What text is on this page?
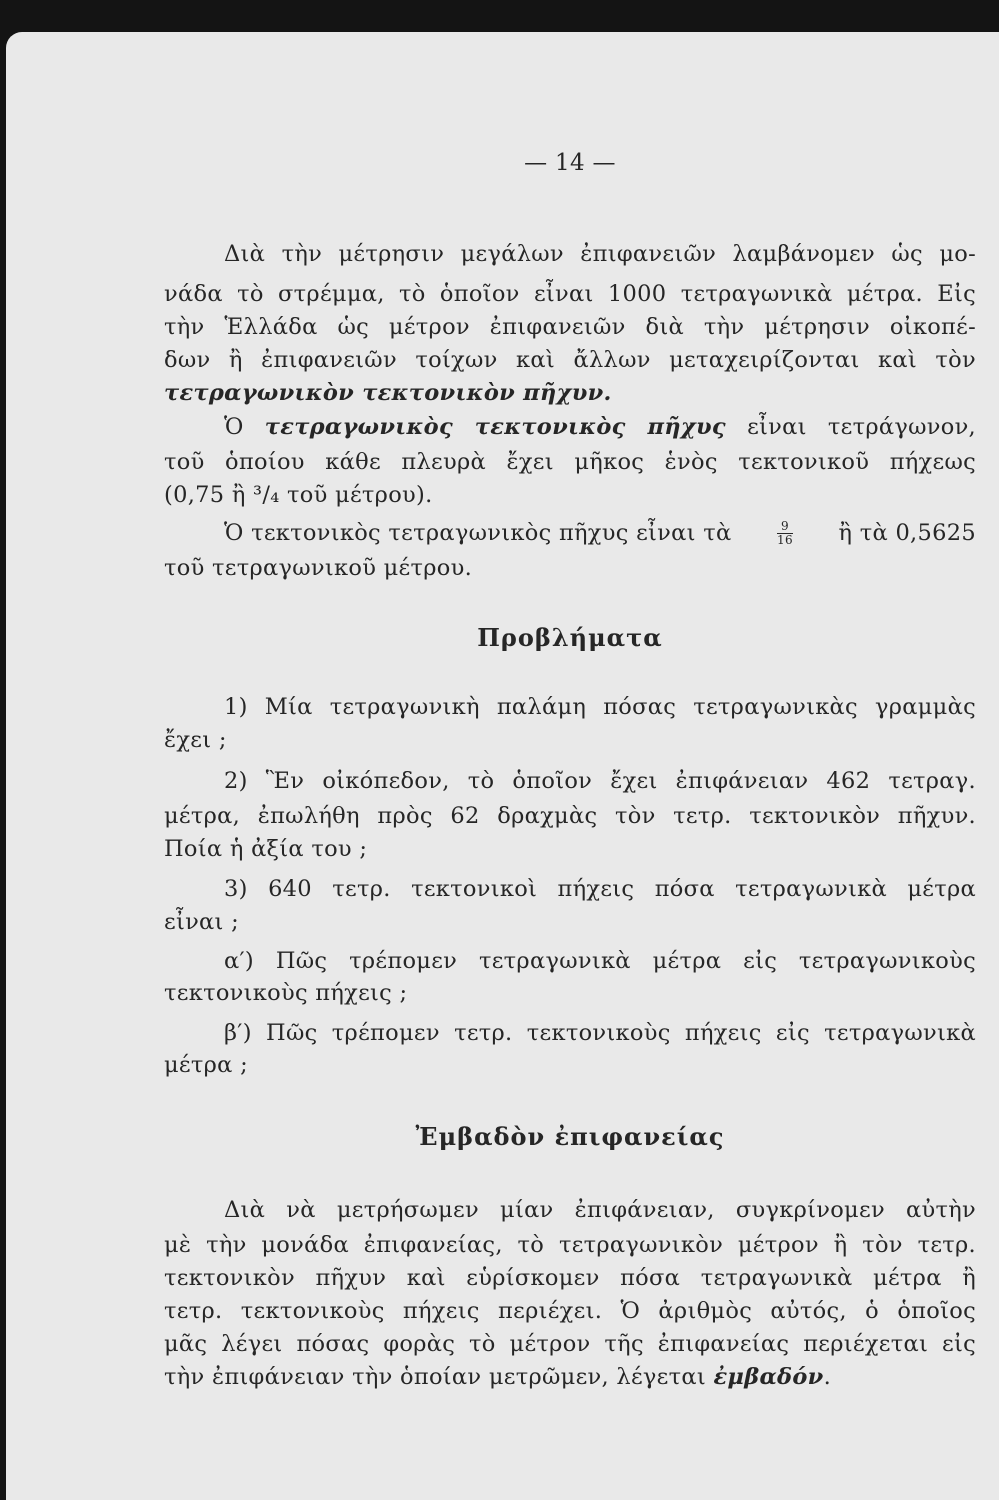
— 14 —
Διὰ τὴν μέτρησιν μεγάλων ἐπιφανειῶν λαμβάνομεν ὡς μο-
νάδα τὸ στρέμμα, τὸ ὁποῖον εἶναι 1000 τετραγωνικὰ μέτρα. Εἰς
τὴν Ἑλλάδα ὡς μέτρον ἐπιφανειῶν διὰ τὴν μέτρησιν οἰκοπέ-
δων ἢ ἐπιφανειῶν τοίχων καὶ ἄλλων μεταχειρίζονται καὶ τὸν
τετραγωνικὸν τεκτονικὸν πῆχυν.
Ὁ τετραγωνικὸς τεκτονικὸς πῆχυς εἶναι τετράγωνον,
τοῦ ὁποίου κάθε πλευρὰ ἔχει μῆκος ἑνὸς τεκτονικοῦ πήχεως
(0,75 ἢ ³/₄ τοῦ μέτρου).
Ὁ τεκτονικὸς τετραγωνικὸς πῆχυς εἶναι τὰ	$\frac{9}{16}$ ἢ τὰ 0,5625
τοῦ τετραγωνικοῦ μέτρου.
Προβλήματα
1) Μία τετραγωνικὴ παλάμη πόσας τετραγωνικὰς γραμμὰς
ἔχει ;
2) Ἓν οἰκόπεδον, τὸ ὁποῖον ἔχει ἐπιφάνειαν 462 τετραγ.
μέτρα, ἐπωλήθη πρὸς 62 δραχμὰς τὸν τετρ. τεκτονικὸν πῆχυν.
Ποία ἡ ἀξία του ;
3) 640 τετρ. τεκτονικοὶ πήχεις πόσα τετραγωνικὰ μέτρα
εἶναι ;
α′) Πῶς τρέπομεν τετραγωνικὰ μέτρα εἰς τετραγωνικοὺς
τεκτονικοὺς πήχεις ;
β′) Πῶς τρέπομεν τετρ. τεκτονικοὺς πήχεις εἰς τετραγωνικὰ
μέτρα ;
Ἐμβαδὸν ἐπιφανείας
Διὰ νὰ μετρήσωμεν μίαν ἐπιφάνειαν, συγκρίνομεν αὐτὴν
μὲ τὴν μονάδα ἐπιφανείας, τὸ τετραγωνικὸν μέτρον ἢ τὸν τετρ.
τεκτονικὸν πῆχυν καὶ εὑρίσκομεν πόσα τετραγωνικὰ μέτρα ἢ
τετρ. τεκτονικοὺς πήχεις περιέχει. Ὁ ἀριθμὸς αὐτός, ὁ ὁποῖος
μᾶς λέγει πόσας φορὰς τὸ μέτρον τῆς ἐπιφανείας περιέχεται εἰς
τὴν ἐπιφάνειαν τὴν ὁποίαν μετρῶμεν, λέγεται ἐμβαδόν.
